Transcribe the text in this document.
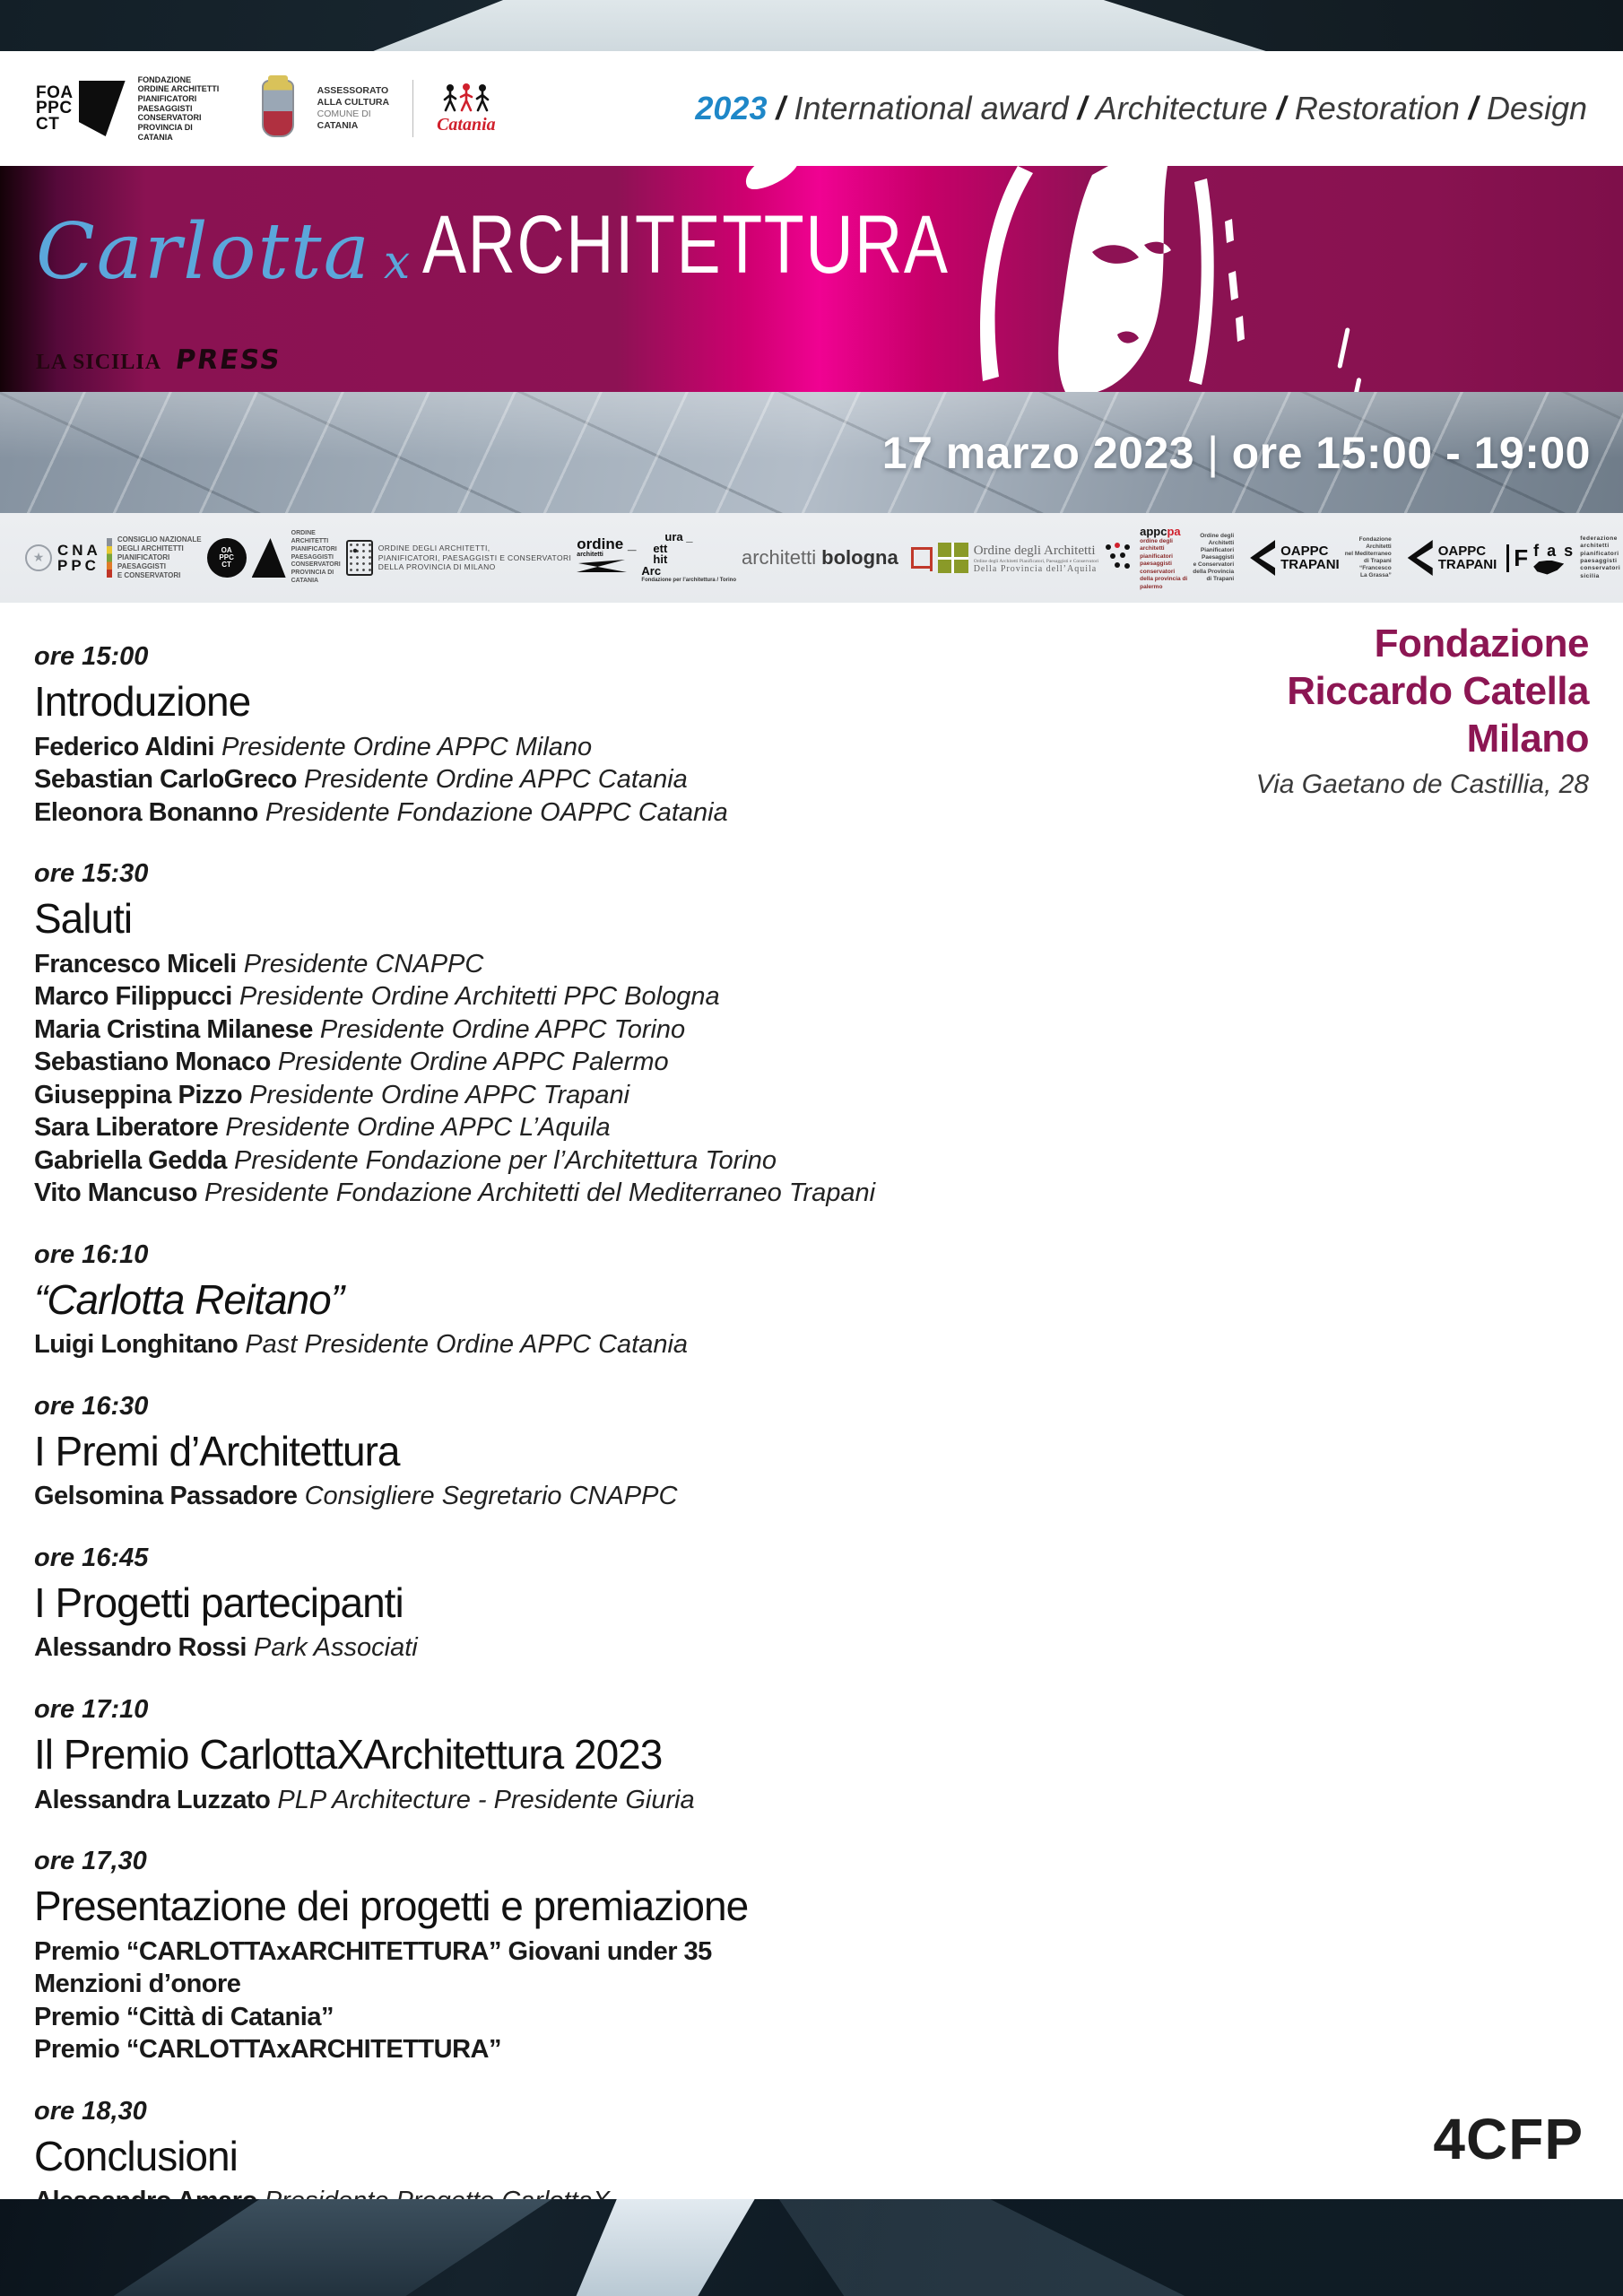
FOA
PPC
CT
FONDAZIONE
ORDINE ARCHITETTI
PIANIFICATORI
PAESAGGISTI
CONSERVATORI
PROVINCIA DI
CATANIA
ASSESSORATO
ALLA CULTURA
COMUNE DI
CATANIA	Catania	2023 / International award / Architecture / Restoration / Design
Carlotta x ARCHITETTURA
LA SICILIA PRESS
17 marzo 2023 | ore 15:00 - 19:00
★
CNA
PPC
CONSIGLIO NAZIONALE
DEGLI ARCHITETTI
PIANIFICATORI
PAESAGGISTI
E CONSERVATORI
OA
PPC
CT
ORDINE
ARCHITETTI
PIANIFICATORI
PAESAGGISTI
CONSERVATORI
PROVINCIA DI
CATANIA
ORDINE DEGLI ARCHITETTI,
PIANIFICATORI, PAESAGGISTI E CONSERVATORI
DELLA PROVINCIA DI MILANO
ordine _
architetti
ura _
ett
hit
Arc
Fondazione per l’architettura / Torino
architetti bologna	Ordine degli Architetti
Ordine degli Architetti Pianificatori, Paesaggisti e Conservatori
Della Provincia dell’Aquila
appcpa
ordine degli
architetti
pianificatori
paesaggisti
conservatori
della provincia di
palermo
Ordine degli
Architetti
Pianificatori
Paesaggisti
e Conservatori
della Provincia
di Trapani
OAPPC
TRAPANI
Fondazione
Architetti
nel Mediterraneo
di Trapani
“Francesco
La Grassa”
OAPPC
TRAPANI F f a s
federazione
architetti
pianificatori
paesaggisti
conservatori
sicilia
ore 15:00
Introduzione
Federico Aldini Presidente Ordine APPC Milano
Sebastian CarloGreco Presidente Ordine APPC Catania
Eleonora Bonanno Presidente Fondazione OAPPC Catania
ore 15:30
Saluti
Francesco Miceli Presidente CNAPPC
Marco Filippucci Presidente Ordine Architetti PPC Bologna
Maria Cristina Milanese Presidente Ordine APPC Torino
Sebastiano Monaco Presidente Ordine APPC Palermo
Giuseppina Pizzo Presidente Ordine APPC Trapani
Sara Liberatore Presidente Ordine APPC L’Aquila
Gabriella Gedda Presidente Fondazione per l’Architettura Torino
Vito Mancuso Presidente Fondazione Architetti del Mediterraneo Trapani
ore 16:10
“Carlotta Reitano”
Luigi Longhitano Past Presidente Ordine APPC Catania
ore 16:30
I Premi d’Architettura
Gelsomina Passadore Consigliere Segretario CNAPPC
ore 16:45
I Progetti partecipanti
Alessandro Rossi Park Associati
ore 17:10
Il Premio CarlottaXArchitettura 2023
Alessandra Luzzato PLP Architecture - Presidente Giuria
ore 17,30
Presentazione dei progetti e premiazione
Premio “CARLOTTAxARCHITETTURA” Giovani under 35
Menzioni d’onore
Premio “Città di Catania”
Premio “CARLOTTAxARCHITETTURA”
ore 18,30
Conclusioni
Fondazione
Riccardo Catella
Milano
Via Gaetano de Castillia, 28
4CFP
